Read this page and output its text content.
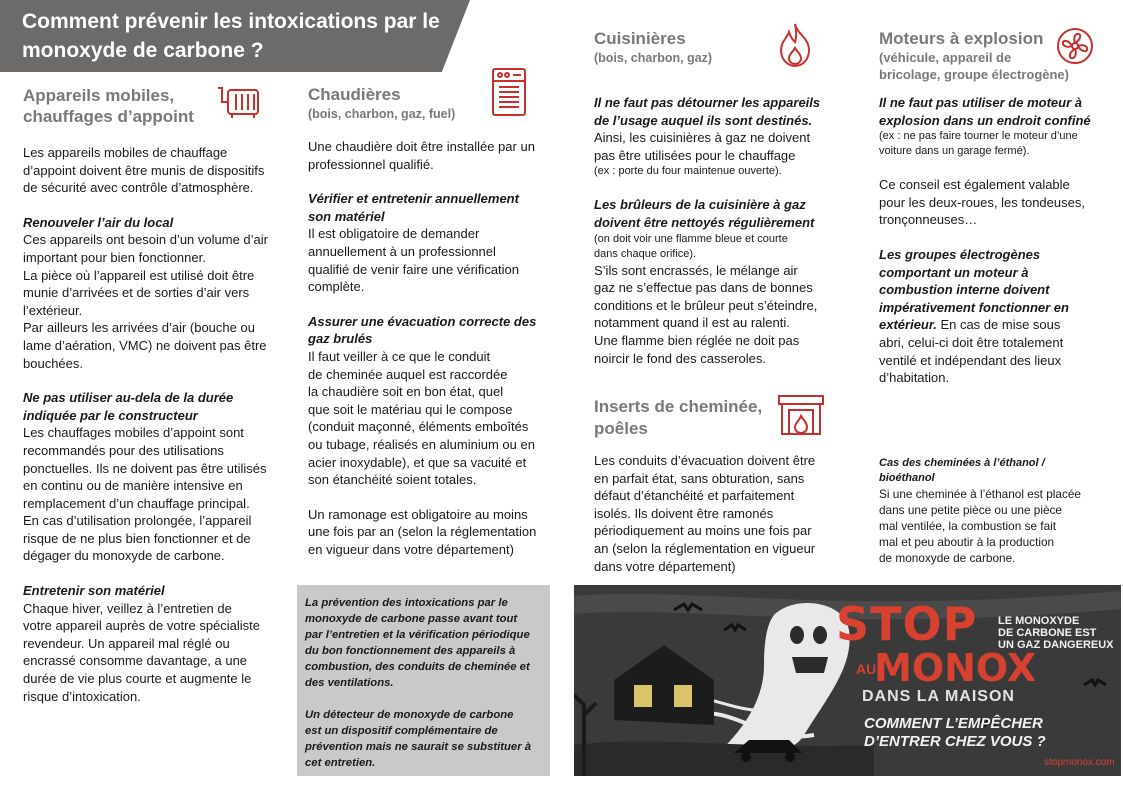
Comment prévenir les intoxications par le monoxyde de carbone ?
Appareils mobiles, chauffages d’appoint

Les appareils mobiles de chauffage

d’appoint doivent être munis de dispositifs

de sécurité avec contrôle d’atmosphère.

Renouveler l’air du local

Ces appareils ont besoin d’un volume d’air

important pour bien fonctionner.

La pièce où l’appareil est utilisé doit être

munie d’arrivées et de sorties d’air vers

l’extérieur.

Par ailleurs les arrivées d’air (bouche ou

lame d’aération, VMC) ne doivent pas être

bouchées.

Ne pas utiliser au-dela de la durée

indiquée par le constructeur

Les chauffages mobiles d’appoint sont

recommandés pour des utilisations

ponctuelles. Ils ne doivent pas être utilisés

en continu ou de manière intensive en

remplacement d’un chauffage principal.

En cas d’utilisation prolongée, l’appareil

risque de ne plus bien fonctionner et de

dégager du monoxyde de carbone.

Entretenir son matériel

Chaque hiver, veillez à l’entretien de

votre appareil auprès de votre spécialiste

revendeur. Un appareil mal réglé ou

encrassé consomme davantage, a une

durée de vie plus courte et augmente le

risque d’intoxication.

Chaudières
(bois, charbon, gaz, fuel)

Une chaudière doit être installée par un

professionnel qualifié.

Vérifier et entretenir annuellement

son matériel

Il est obligatoire de demander

annuellement à un professionnel

qualifié de venir faire une vérification

complète.

Assurer une évacuation correcte des

gaz brulés

Il faut veiller à ce que le conduit

de cheminée auquel est raccordée

la chaudière soit en bon état, quel

que soit le matériau qui le compose

(conduit maçonné, éléments emboîtés

ou tubage, réalisés en aluminium ou en

acier inoxydable), et que sa vacuité et

son étanchéité soient totales.

Un ramonage est obligatoire au moins

une fois par an (selon la réglementation

en vigueur dans votre département)

La prévention des intoxications par le

monoxyde de carbone passe avant tout

par l’entretien et la vérification périodique

du bon fonctionnement des appareils à

combustion, des conduits de cheminée et

des ventilations.

Un détecteur de monoxyde de carbone

est un dispositif complémentaire de

prévention mais ne saurait se substituer à

cet entretien.

Cuisinières
(bois, charbon, gaz)

Il ne faut pas détourner les appareils

de l’usage auquel ils sont destinés.

Ainsi, les cuisinières à gaz ne doivent

pas être utilisées pour le chauffage

(ex : porte du four maintenue ouverte).

Les brûleurs de la cuisinière à gaz

doivent être nettoyés régulièrement

(on doit voir une flamme bleue et courte

dans chaque orifice).

S’ils sont encrassés, le mélange air

gaz ne s’effectue pas dans de bonnes

conditions et le brûleur peut s’éteindre,

notamment quand il est au ralenti.

Une flamme bien réglée ne doit pas

noircir le fond des casseroles.

Inserts de cheminée,

poêles

Les conduits d’évacuation doivent être

en parfait état, sans obturation, sans

défaut d’étanchéité et parfaitement

isolés. Ils doivent être ramonés

périodiquement au moins une fois par

an (selon la réglementation en vigueur

dans votre département)

Moteurs à explosion

(véhicule, appareil de

bricolage, groupe électrogène)

Il ne faut pas utiliser de moteur à

explosion dans un endroit confiné

(ex : ne pas faire tourner le moteur d’une

voiture dans un garage fermé).

Ce conseil est également valable

pour les deux-roues, les tondeuses,

tronçonneuses…

Les groupes électrogènes

comportant un moteur à

combustion interne doivent

impérativement fonctionner en

extérieur. En cas de mise sous

abri, celui-ci doit être totalement

ventilé et indépendant des lieux

d’habitation.

Cas des cheminées à l’éthanol /

bioéthanol

Si une cheminée à l’éthanol est placée

dans une petite pièce ou une pièce

mal ventilée, la combustion se fait

mal et peu aboutir à la production

de monoxyde de carbone.

STOP
AU
MONOX
DANS LA MAISON

LE MONOXYDE

DE CARBONE EST

UN GAZ DANGEREUX

COMMENT L’EMPÊCHER

D’ENTRER CHEZ VOUS ?

stopmonox.com
